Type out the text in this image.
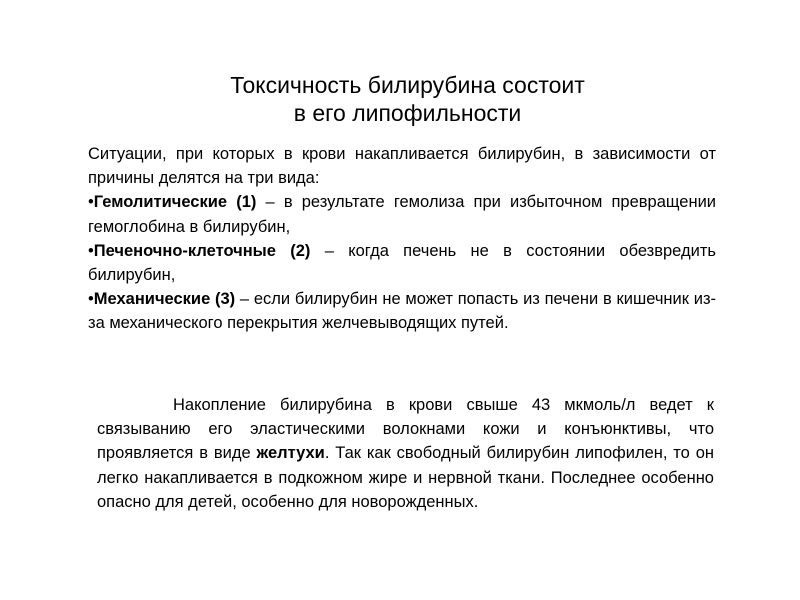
Токсичность билирубина состоит
в его липофильности

Ситуации, при которых в крови накапливается билирубин, в зависимости от причины делятся на три вида:

•Гемолитические (1) – в результате гемолиза при избыточном превращении гемоглобина в билирубин,

•Печеночно-клеточные (2) – когда печень не в состоянии обезвредить билирубин,

•Механические (3) – если билирубин не может попасть из печени в кишечник из-за механического перекрытия желчевыводящих путей.

Накопление билирубина в крови свыше 43 мкмоль/л ведет к связыванию его эластическими волокнами кожи и конъюнктивы, что проявляется в виде желтухи. Так как свободный билирубин липофилен, то он легко накапливается в подкожном жире и нервной ткани. Последнее особенно опасно для детей, особенно для новорожденных.
